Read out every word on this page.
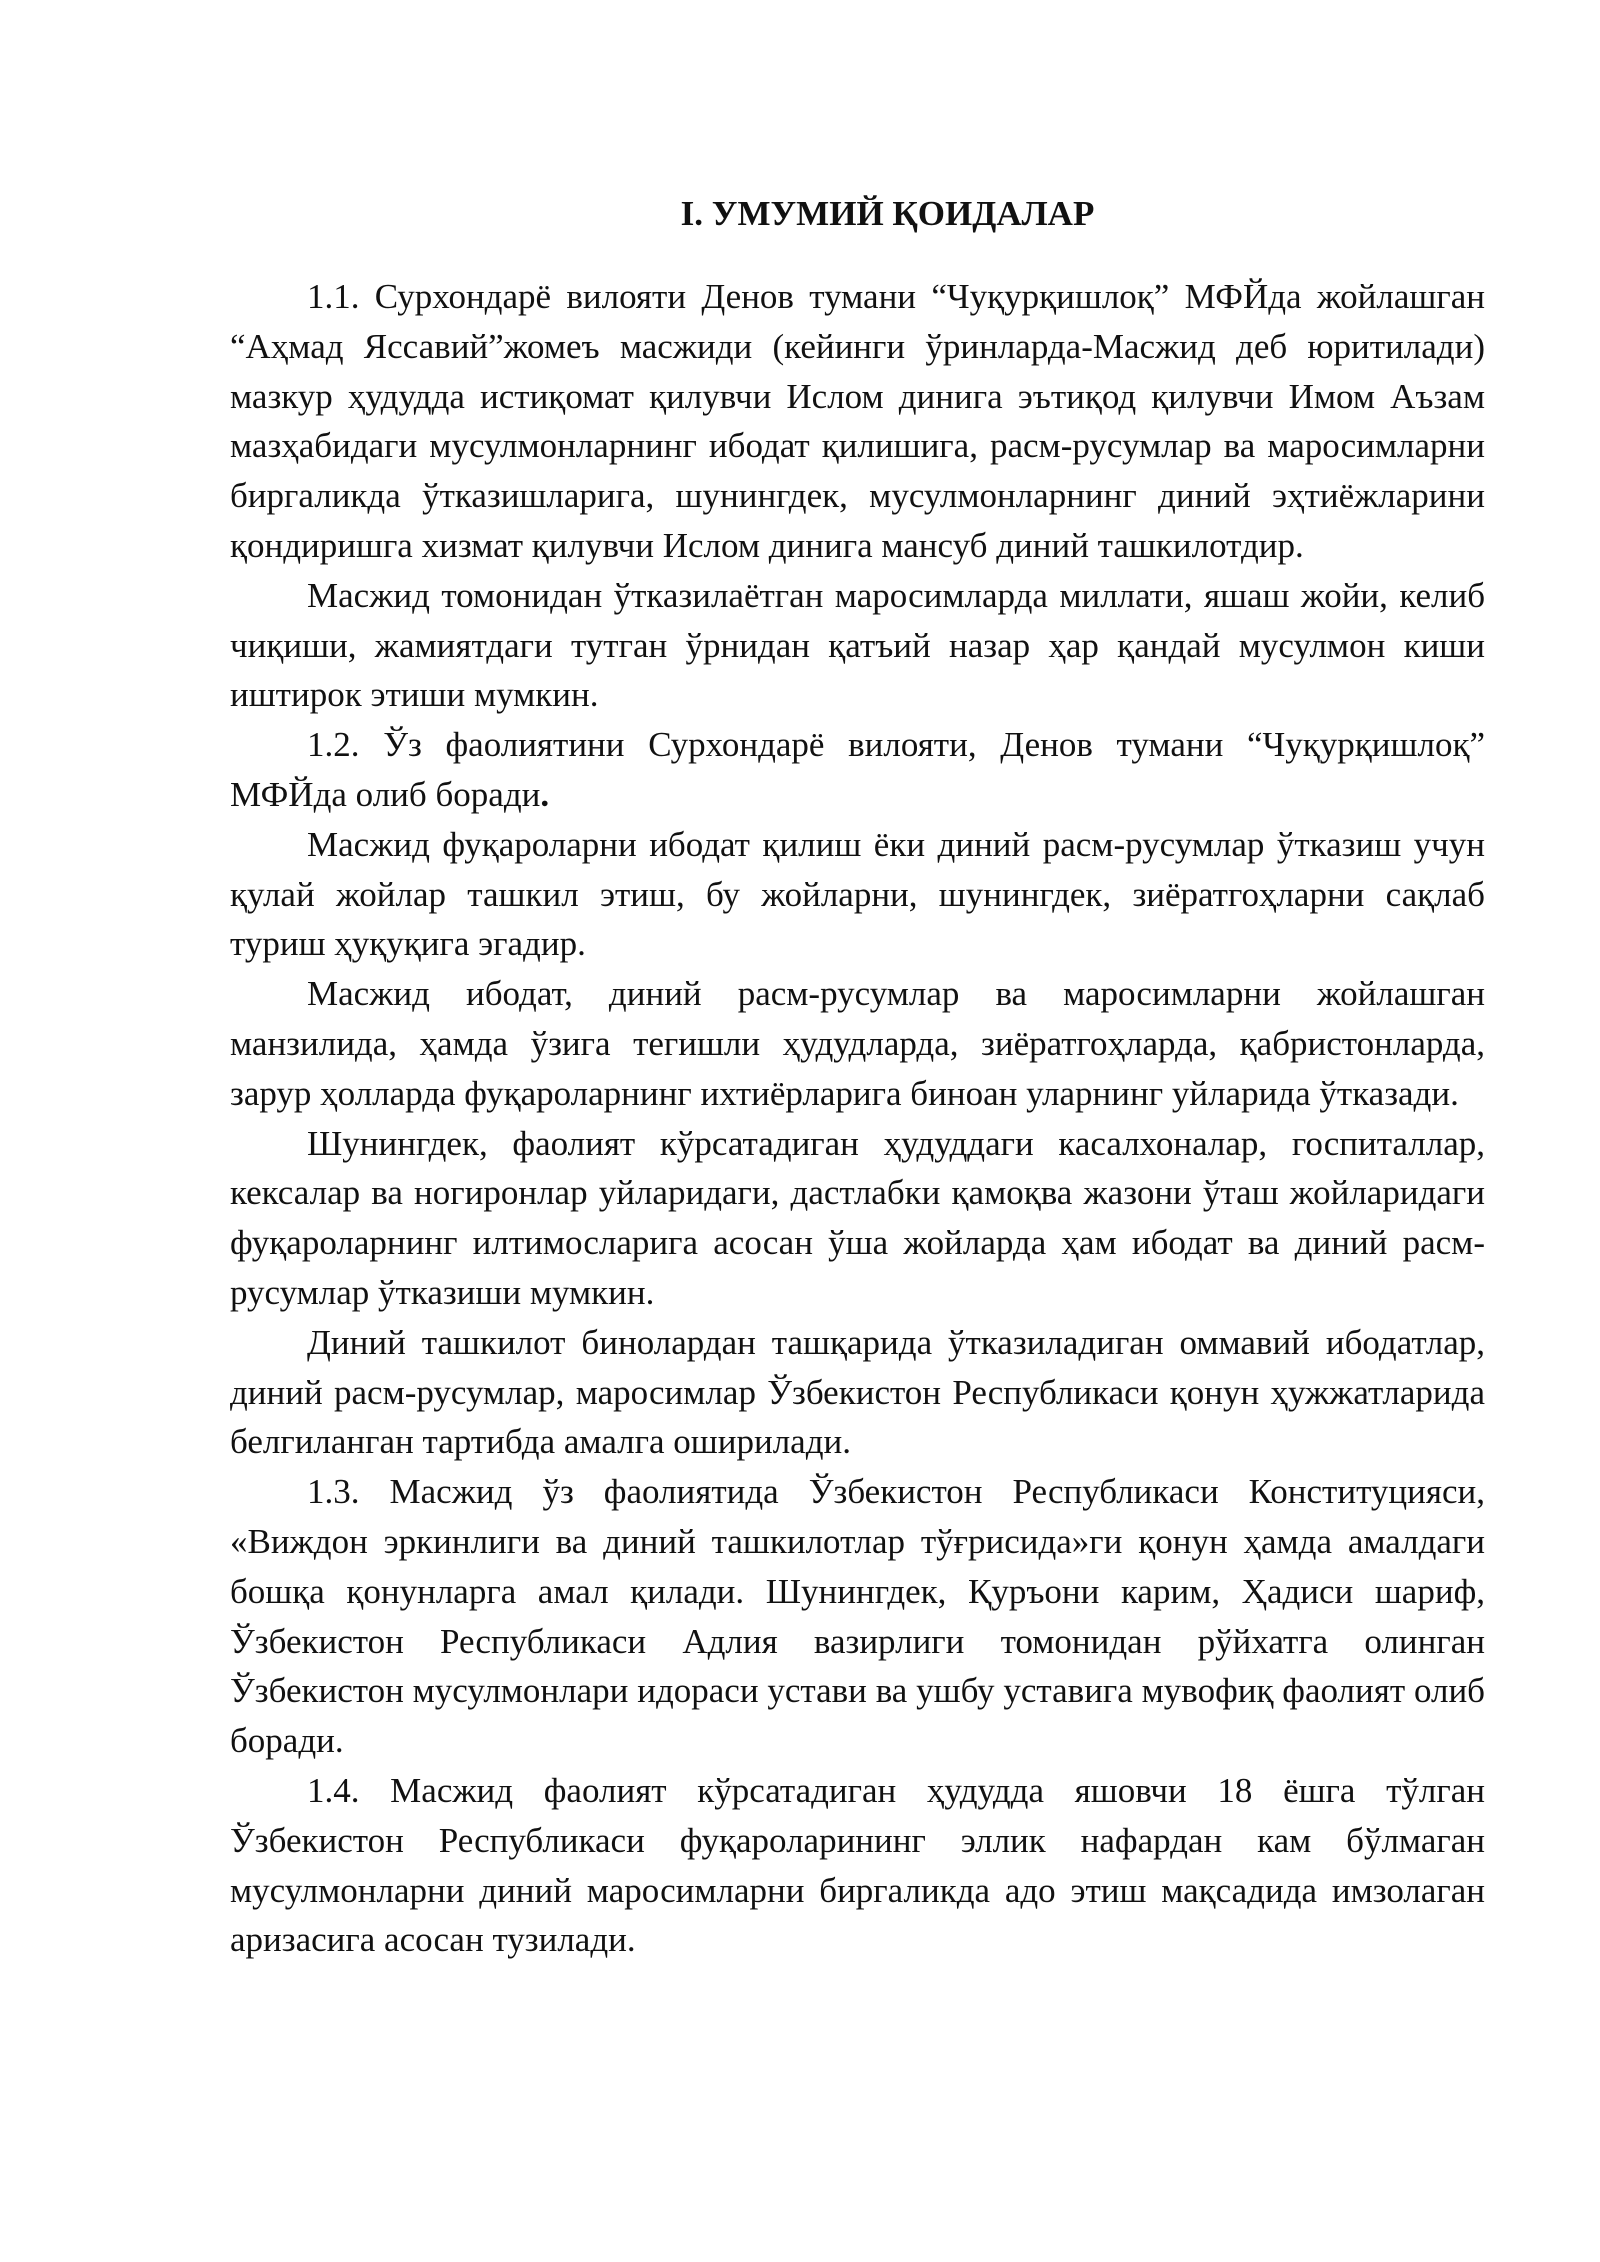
I. УМУМИЙ ҚОИДАЛАР

1.1. Сурхондарё вилояти Денов тумани “Чуқурқишлоқ” МФЙда жойлашган “Аҳмад Яссавий”жомеъ масжиди (кейинги ўринларда-Масжид деб юритилади) мазкур ҳудудда истиқомат қилувчи Ислом динига эътиқод қилувчи Имом Аъзам мазҳабидаги мусулмонларнинг ибодат қилишига, расм-русумлар ва маросимларни биргаликда ўтказишларига, шунингдек, мусулмонларнинг диний эҳтиёжларини қондиришга хизмат қилувчи Ислом динига мансуб диний ташкилотдир.

Масжид томонидан ўтказилаётган маросимларда миллати, яшаш жойи, келиб чиқиши, жамиятдаги тутган ўрнидан қатъий назар ҳар қандай мусулмон киши иштирок этиши мумкин.

1.2. Ўз фаолиятини Сурхондарё вилояти, Денов тумани “Чуқурқишлоқ” МФЙда олиб боради.

Масжид фуқароларни ибодат қилиш ёки диний расм-русумлар ўтказиш учун қулай жойлар ташкил этиш, бу жойларни, шунингдек, зиёратгоҳларни сақлаб туриш ҳуқуқига эгадир.

Масжид ибодат, диний расм-русумлар ва маросимларни жойлашган манзилида, ҳамда ўзига тегишли ҳудудларда, зиёратгоҳларда, қабристонларда, зарур ҳолларда фуқароларнинг ихтиёрларига биноан уларнинг уйларида ўтказади.

Шунингдек, фаолият кўрсатадиган ҳудуддаги касалхоналар, госпиталлар, кексалар ва ногиронлар уйларидаги, дастлабки қамоқва жазони ўташ жойларидаги фуқароларнинг илтимосларига асосан ўша жойларда ҳам ибодат ва диний расм-русумлар ўтказиши мумкин.

Диний ташкилот бинолардан ташқарида ўтказиладиган оммавий ибодатлар, диний расм-русумлар, маросимлар Ўзбекистон Республикаси қонун ҳужжатларида белгиланган тартибда амалга оширилади.

1.3. Масжид ўз фаолиятида Ўзбекистон Республикаси Конституцияси, «Виждон эркинлиги ва диний ташкилотлар тўғрисида»ги қонун ҳамда амалдаги бошқа қонунларга амал қилади. Шунингдек, Қуръони карим, Ҳадиси шариф, Ўзбекистон Республикаси Адлия вазирлиги томонидан рўйхатга олинган Ўзбекистон мусулмонлари идораси устави ва ушбу уставига мувофиқ фаолият олиб боради.

1.4. Масжид фаолият кўрсатадиган ҳудудда яшовчи 18 ёшга тўлган Ўзбекистон Республикаси фуқароларининг эллик нафардан кам бўлмаган мусулмонларни диний маросимларни биргаликда адо этиш мақсадида имзолаган аризасига асосан тузилади.
